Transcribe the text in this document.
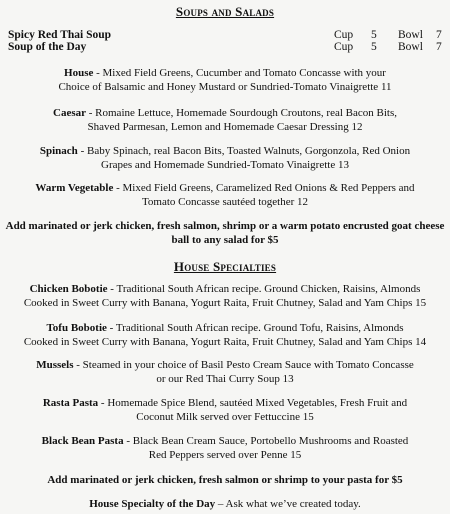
Soups and Salads
Spicy Red Thai Soup	Cup 5 Bowl 7
Soup of the Day	Cup 5 Bowl 7
House - Mixed Field Greens, Cucumber and Tomato Concasse with your
Choice of Balsamic and Honey Mustard or Sundried-Tomato Vinaigrette 11
Caesar - Romaine Lettuce, Homemade Sourdough Croutons, real Bacon Bits,
Shaved Parmesan, Lemon and Homemade Caesar Dressing 12
Spinach - Baby Spinach, real Bacon Bits, Toasted Walnuts, Gorgonzola, Red Onion
Grapes and Homemade Sundried-Tomato Vinaigrette 13
Warm Vegetable - Mixed Field Greens, Caramelized Red Onions & Red Peppers and
Tomato Concasse sautéed together 12
Add marinated or jerk chicken, fresh salmon, shrimp or a warm potato encrusted goat cheese
ball to any salad for $5
House Specialties
Chicken Bobotie - Traditional South African recipe. Ground Chicken, Raisins, Almonds
Cooked in Sweet Curry with Banana, Yogurt Raita, Fruit Chutney, Salad and Yam Chips 15
Tofu Bobotie - Traditional South African recipe. Ground Tofu, Raisins, Almonds
Cooked in Sweet Curry with Banana, Yogurt Raita, Fruit Chutney, Salad and Yam Chips 14
Mussels - Steamed in your choice of Basil Pesto Cream Sauce with Tomato Concasse
or our Red Thai Curry Soup 13
Rasta Pasta - Homemade Spice Blend, sautéed Mixed Vegetables, Fresh Fruit and
Coconut Milk served over Fettuccine 15
Black Bean Pasta - Black Bean Cream Sauce, Portobello Mushrooms and Roasted
Red Peppers served over Penne 15
Add marinated or jerk chicken, fresh salmon or shrimp to your pasta for $5
House Specialty of the Day – Ask what we’ve created today.
